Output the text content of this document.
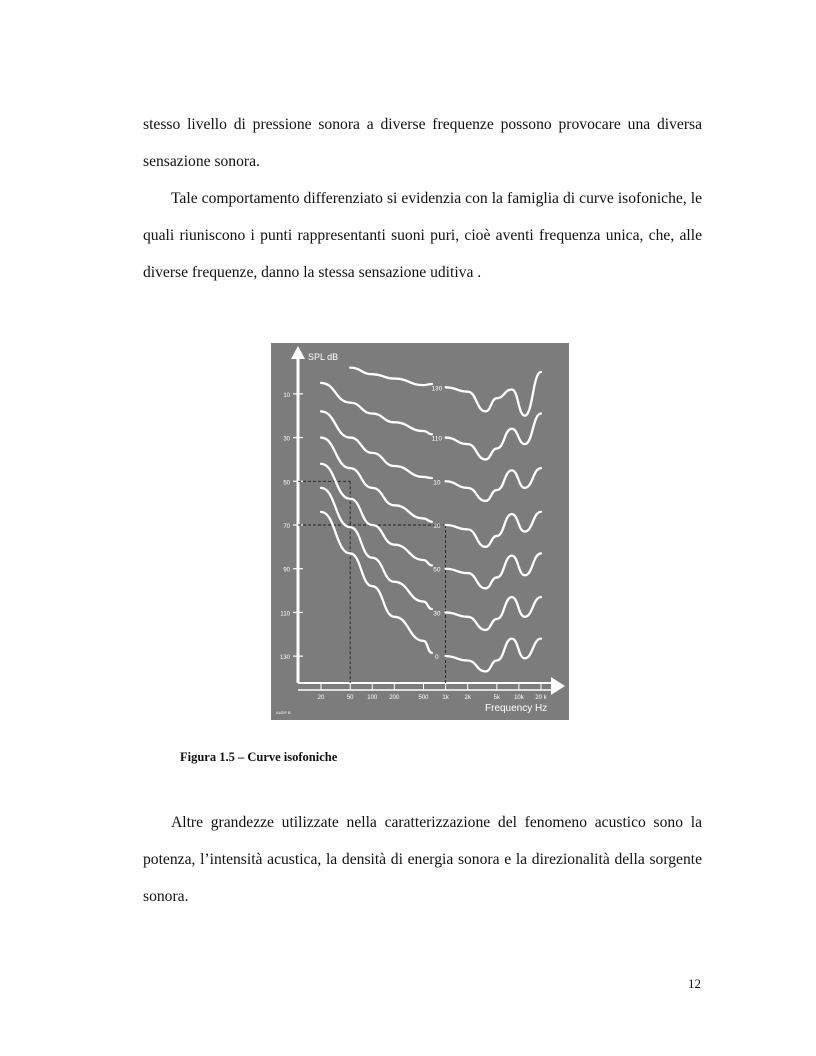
stesso livello di pressione sonora a diverse frequenze possono provocare una diversa sensazione sonora.

Tale comportamento differenziato si evidenzia con la famiglia di curve isofoniche, le quali riuniscono i punti rappresentanti suoni puri, cioè aventi frequenza unica, che, alle diverse frequenze, danno la stessa sensazione uditiva .

130
110
90
70
50
30
10
20	50 100 200	500 1k	2k	5k 10k 20 k
130
110
10
10
50
30
0
SPL dB
Frequency Hz
AUDF B
Figura 1.5 – Curve isofoniche

Altre grandezze utilizzate nella caratterizzazione del fenomeno acustico sono la potenza, l’intensità acustica, la densità di energia sonora e la direzionalità della sorgente sonora.

12
